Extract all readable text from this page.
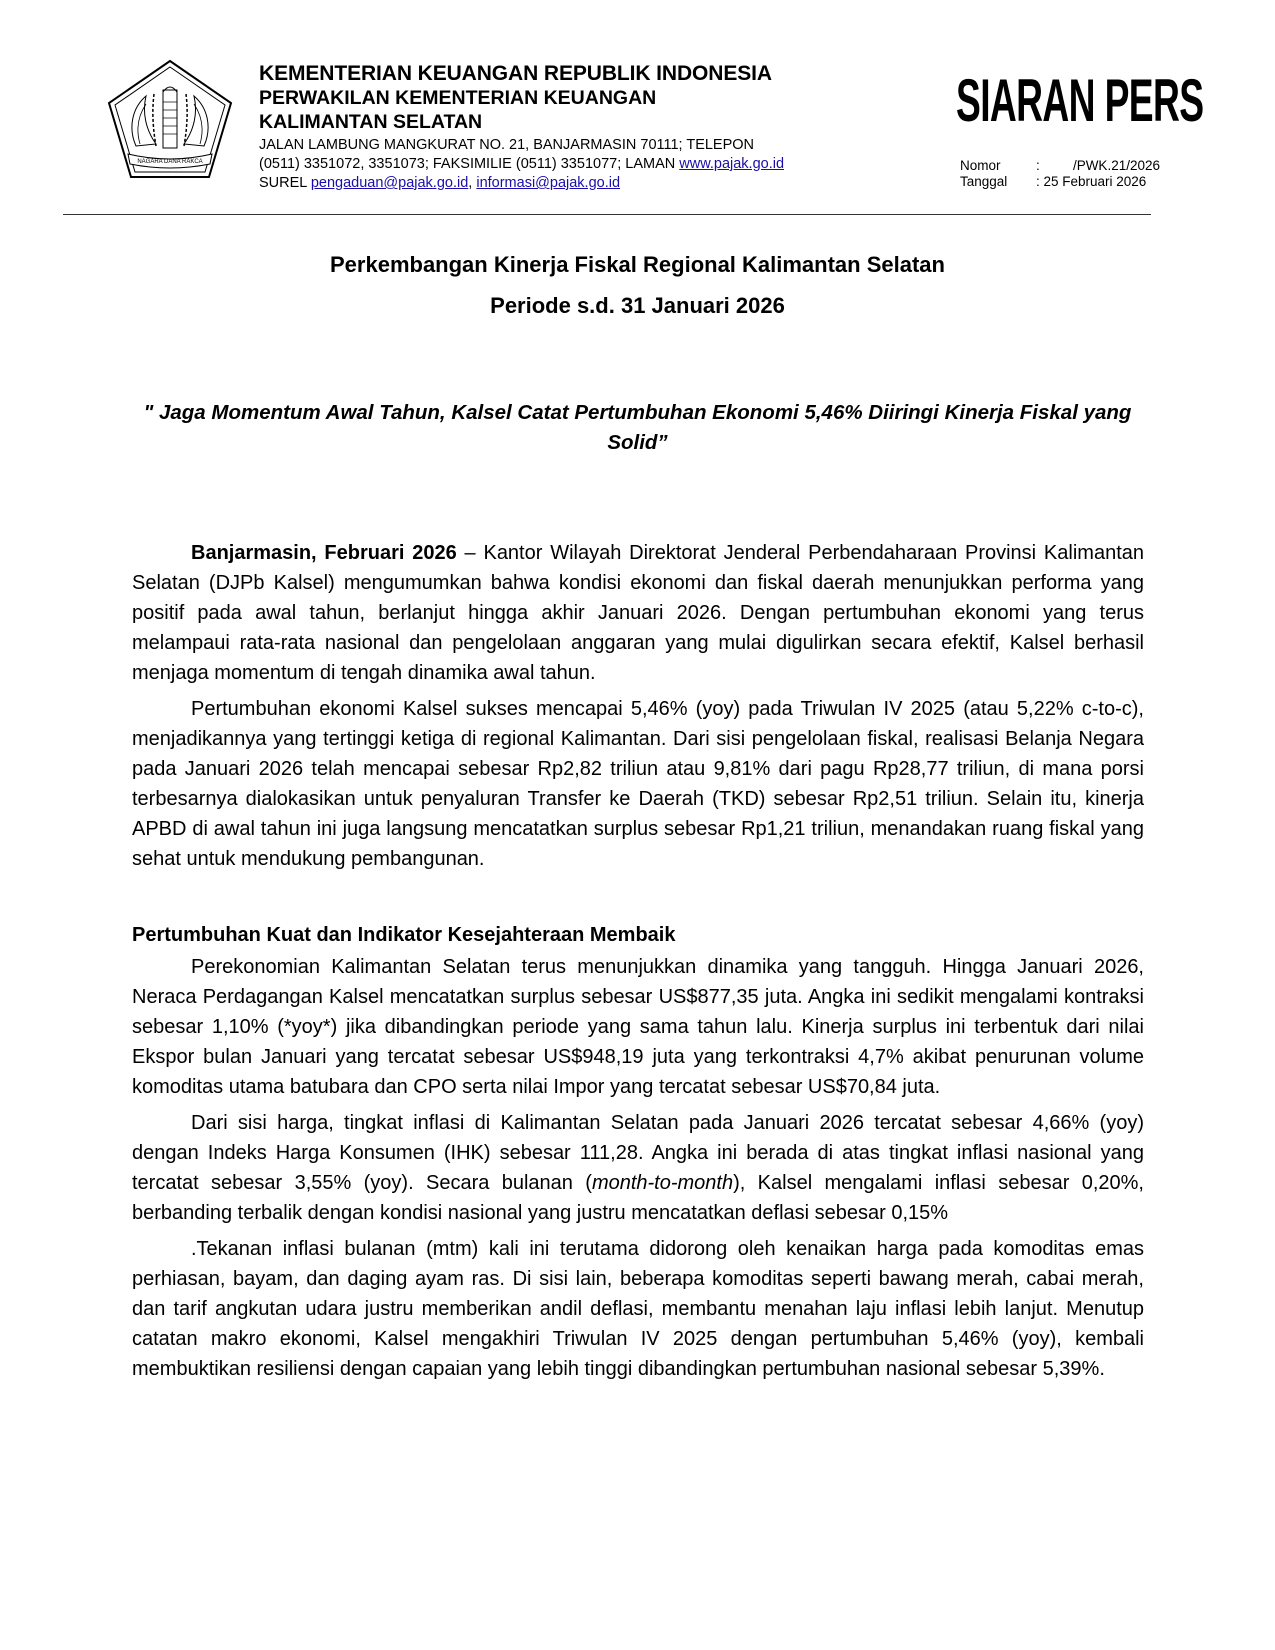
NAGARA DANA RAKCA
KEMENTERIAN KEUANGAN REPUBLIK INDONESIA
PERWAKILAN KEMENTERIAN KEUANGAN
KALIMANTAN SELATAN
JALAN LAMBUNG MANGKURAT NO. 21, BANJARMASIN 70111; TELEPON
(0511) 3351072, 3351073; FAKSIMILIE (0511) 3351077; LAMAN www.pajak.go.id
SUREL pengaduan@pajak.go.id, informasi@pajak.go.id
SIARAN PERS
Nomor	:	/PWK.21/2026
Tanggal	: 25 Februari 2026
Perkembangan Kinerja Fiskal Regional Kalimantan Selatan
Periode s.d. 31 Januari 2026
" Jaga Momentum Awal Tahun, Kalsel Catat Pertumbuhan Ekonomi 5,46% Diiringi Kinerja Fiskal yang Solid”

Banjarmasin, Februari 2026 – Kantor Wilayah Direktorat Jenderal Perbendaharaan Provinsi Kalimantan Selatan (DJPb Kalsel) mengumumkan bahwa kondisi ekonomi dan fiskal daerah menunjukkan performa yang positif pada awal tahun, berlanjut hingga akhir Januari 2026. Dengan pertumbuhan ekonomi yang terus melampaui rata-rata nasional dan pengelolaan anggaran yang mulai digulirkan secara efektif, Kalsel berhasil menjaga momentum di tengah dinamika awal tahun.

Pertumbuhan ekonomi Kalsel sukses mencapai 5,46% (yoy) pada Triwulan IV 2025 (atau 5,22% c-to-c), menjadikannya yang tertinggi ketiga di regional Kalimantan. Dari sisi pengelolaan fiskal, realisasi Belanja Negara pada Januari 2026 telah mencapai sebesar Rp2,82 triliun atau 9,81% dari pagu Rp28,77 triliun, di mana porsi terbesarnya dialokasikan untuk penyaluran Transfer ke Daerah (TKD) sebesar Rp2,51 triliun. Selain itu, kinerja APBD di awal tahun ini juga langsung mencatatkan surplus sebesar Rp1,21 triliun, menandakan ruang fiskal yang sehat untuk mendukung pembangunan.

Pertumbuhan Kuat dan Indikator Kesejahteraan Membaik

Perekonomian Kalimantan Selatan terus menunjukkan dinamika yang tangguh. Hingga Januari 2026, Neraca Perdagangan Kalsel mencatatkan surplus sebesar US$877,35 juta. Angka ini sedikit mengalami kontraksi sebesar 1,10% (*yoy*) jika dibandingkan periode yang sama tahun lalu. Kinerja surplus ini terbentuk dari nilai Ekspor bulan Januari yang tercatat sebesar US$948,19 juta yang terkontraksi 4,7% akibat penurunan volume komoditas utama batubara dan CPO serta nilai Impor yang tercatat sebesar US$70,84 juta.

Dari sisi harga, tingkat inflasi di Kalimantan Selatan pada Januari 2026 tercatat sebesar 4,66% (yoy) dengan Indeks Harga Konsumen (IHK) sebesar 111,28. Angka ini berada di atas tingkat inflasi nasional yang tercatat sebesar 3,55% (yoy). Secara bulanan (month-to-month), Kalsel mengalami inflasi sebesar 0,20%, berbanding terbalik dengan kondisi nasional yang justru mencatatkan deflasi sebesar 0,15%

.Tekanan inflasi bulanan (mtm) kali ini terutama didorong oleh kenaikan harga pada komoditas emas perhiasan, bayam, dan daging ayam ras. Di sisi lain, beberapa komoditas seperti bawang merah, cabai merah, dan tarif angkutan udara justru memberikan andil deflasi, membantu menahan laju inflasi lebih lanjut. Menutup catatan makro ekonomi, Kalsel mengakhiri Triwulan IV 2025 dengan pertumbuhan 5,46% (yoy), kembali membuktikan resiliensi dengan capaian yang lebih tinggi dibandingkan pertumbuhan nasional sebesar 5,39%.
